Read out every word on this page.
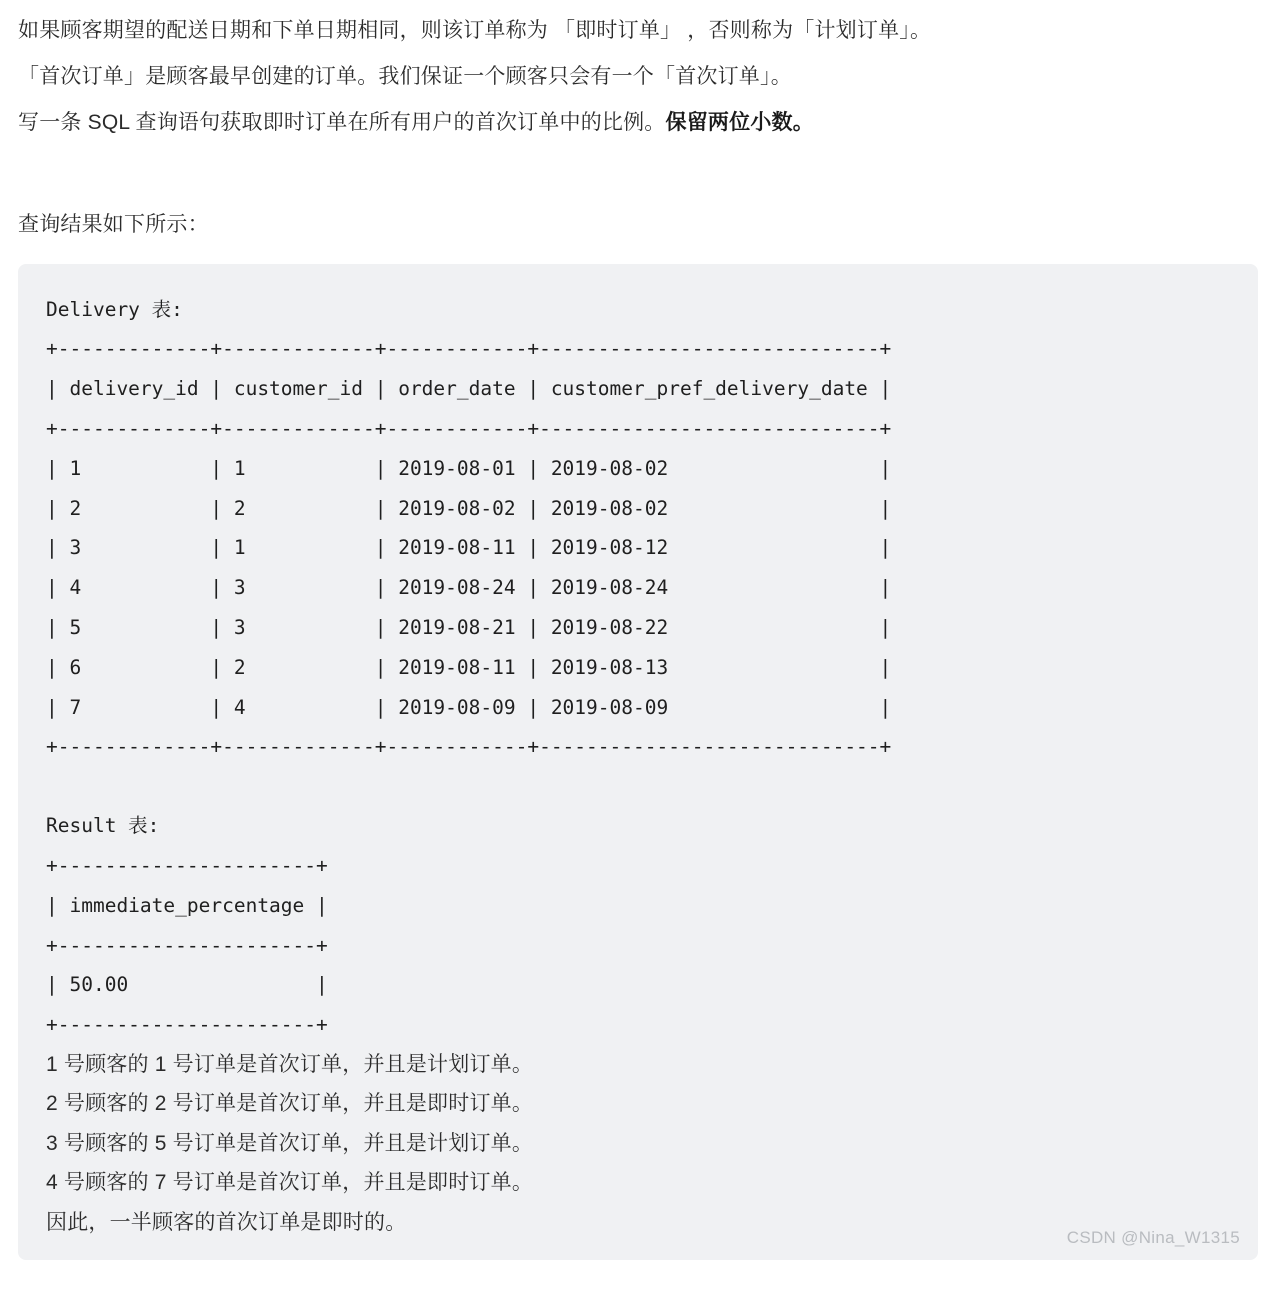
如果顾客期望的配送日期和下单日期相同，则该订单称为 「即时订单」 ，否则称为「计划订单」。

「首次订单」是顾客最早创建的订单。我们保证一个顾客只会有一个「首次订单」。

写一条 SQL 查询语句获取即时订单在所有用户的首次订单中的比例。保留两位小数。

查询结果如下所示：

Delivery 表:
+-------------+-------------+------------+-----------------------------+
| delivery_id | customer_id | order_date | customer_pref_delivery_date |
+-------------+-------------+------------+-----------------------------+
| 1           | 1           | 2019-08-01 | 2019-08-02                  |
| 2           | 2           | 2019-08-02 | 2019-08-02                  |
| 3           | 1           | 2019-08-11 | 2019-08-12                  |
| 4           | 3           | 2019-08-24 | 2019-08-24                  |
| 5           | 3           | 2019-08-21 | 2019-08-22                  |
| 6           | 2           | 2019-08-11 | 2019-08-13                  |
| 7           | 4           | 2019-08-09 | 2019-08-09                  |
+-------------+-------------+------------+-----------------------------+
Result 表:
+----------------------+
| immediate_percentage |
+----------------------+
| 50.00                |
+----------------------+
1 号顾客的 1 号订单是首次订单，并且是计划订单。
2 号顾客的 2 号订单是首次订单，并且是即时订单。
3 号顾客的 5 号订单是首次订单，并且是计划订单。
4 号顾客的 7 号订单是首次订单，并且是即时订单。
因此，一半顾客的首次订单是即时的。
CSDN @Nina_W1315
